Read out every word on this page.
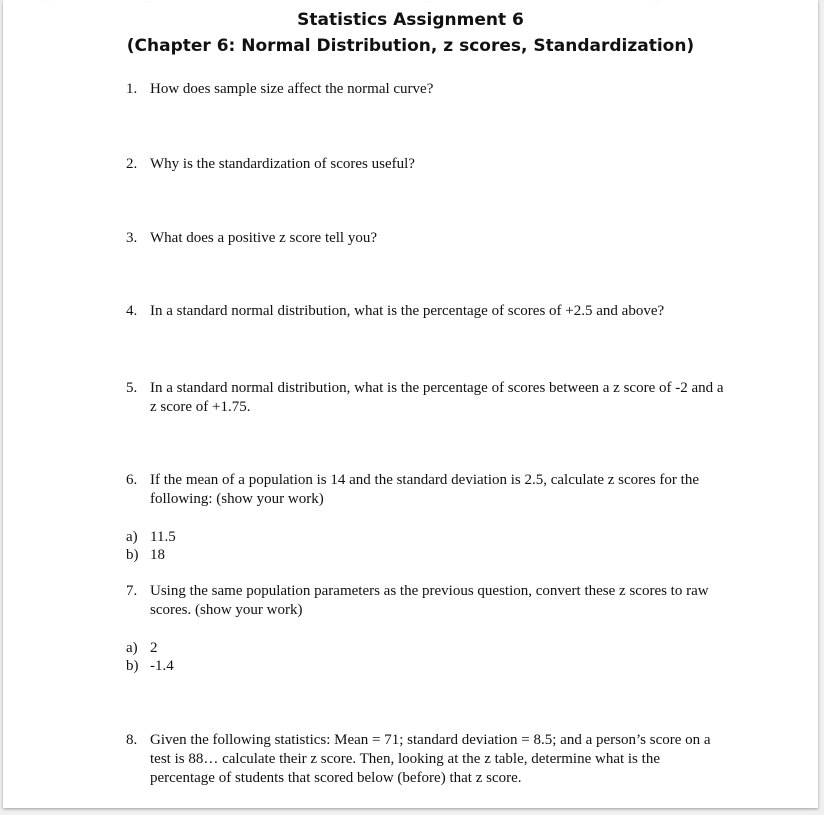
Statistics Assignment 6
(Chapter 6: Normal Distribution, z scores, Standardization)
1. How does sample size affect the normal curve?
2. Why is the standardization of scores useful?
3. What does a positive z score tell you?
4. In a standard normal distribution, what is the percentage of scores of +2.5 and above?
5. In a standard normal distribution, what is the percentage of scores between a z score of -2 and a z score of +1.75.
6. If the mean of a population is 14 and the standard deviation is 2.5, calculate z scores for the following: (show your work)
a) 11.5
b) 18
7. Using the same population parameters as the previous question, convert these z scores to raw scores. (show your work)
a) 2
b) -1.4
8. Given the following statistics: Mean = 71; standard deviation = 8.5; and a person’s score on a test is 88… calculate their z score. Then, looking at the z table, determine what is the percentage of students that scored below (before) that z score.
